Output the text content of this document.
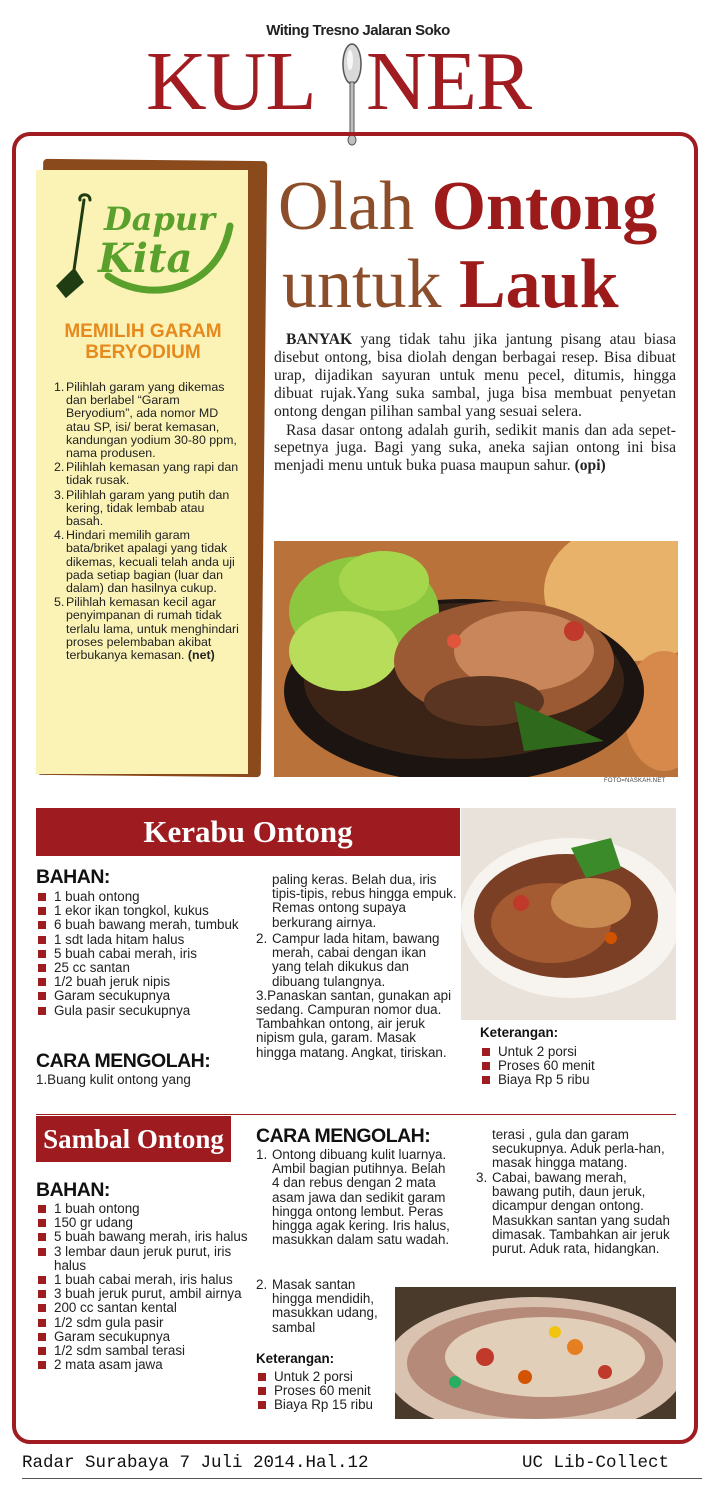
Witing Tresno Jalaran Soko
KUL NER
Dapur
Kita
MEMILIH GARAM
BERYODIUM
1. Pilihlah garam yang dikemas dan berlabel “Garam Beryodium”, ada nomor MD atau SP, isi/ berat kemasan, kandungan yodium 30-80 ppm, nama produsen.
2. Pilihlah kemasan yang rapi dan tidak rusak.
3. Pilihlah garam yang putih dan kering, tidak lembab atau basah.
4. Hindari memilih garam bata/briket apalagi yang tidak dikemas, kecuali telah anda uji pada setiap bagian (luar dan dalam) dan hasilnya cukup.
5. Pilihlah kemasan kecil agar penyimpanan di rumah tidak terlalu lama, untuk menghindari proses pelembaban akibat terbukanya kemasan. (net)
Olah Ontong
untuk Lauk

BANYAK yang tidak tahu jika jantung pisang atau biasa disebut ontong, bisa diolah dengan berbagai resep. Bisa dibuat urap, dijadikan sayuran untuk menu pecel, ditumis, hingga dibuat rujak.Yang suka sambal, juga bisa membuat penyetan ontong dengan pilihan sambal yang sesuai selera.

Rasa dasar ontong adalah gurih, sedikit manis dan ada sepet-sepetnya juga. Bagi yang suka, aneka sajian ontong ini bisa menjadi menu untuk buka puasa maupun sahur. (opi)

FOTO=NASKAH.NET
Kerabu Ontong
BAHAN:
1 buah ontong
1 ekor ikan tongkol, kukus
6 buah bawang merah, tumbuk
1 sdt lada hitam halus
5 buah cabai merah, iris
25 cc santan
1/2 buah jeruk nipis
Garam secukupnya
Gula pasir secukupnya
CARA MENGOLAH:
1.Buang kulit ontong yang
paling keras. Belah dua, iris tipis-tipis, rebus hingga empuk. Remas ontong supaya berkurang airnya.
2. Campur lada hitam, bawang merah, cabai dengan ikan yang telah dikukus dan dibuang tulangnya.
3.Panaskan santan, gunakan api sedang. Campuran nomor dua. Tambahkan ontong, air jeruk nipism gula, garam. Masak hingga matang. Angkat, tiriskan.
Keterangan:
Untuk 2 porsi
Proses 60 menit
Biaya Rp 5 ribu
Sambal Ontong
BAHAN:
1 buah ontong
150 gr udang
5 buah bawang merah, iris halus
3 lembar daun jeruk purut, iris halus
1 buah cabai merah, iris halus
3 buah jeruk purut, ambil airnya
200 cc santan kental
1/2 sdm gula pasir
Garam secukupnya
1/2 sdm sambal terasi
2 mata asam jawa
CARA MENGOLAH:
1. Ontong dibuang kulit luarnya. Ambil bagian putihnya. Belah 4 dan rebus dengan 2 mata asam jawa dan sedikit garam hingga ontong lembut. Peras hingga agak kering. Iris halus, masukkan dalam satu wadah.
2. Masak santan hingga mendidih, masukkan udang, sambal
terasi , gula dan garam secukupnya. Aduk perla-han, masak hingga matang.
3. Cabai, bawang merah, bawang putih, daun jeruk, dicampur dengan ontong. Masukkan santan yang sudah dimasak. Tambahkan air jeruk purut. Aduk rata, hidangkan.
Keterangan:
Untuk 2 porsi
Proses 60 menit
Biaya Rp 15 ribu
Radar Surabaya 7 Juli 2014.Hal.12	UC Lib-Collect
